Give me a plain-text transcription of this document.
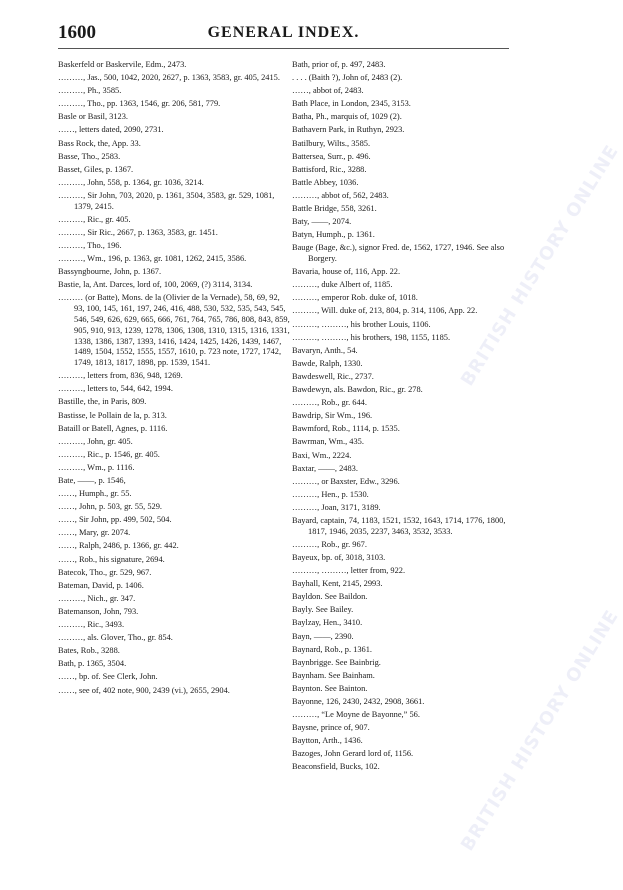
1600	GENERAL INDEX.

Baskerfeld or Baskervile, Edm., 2473.

………, Jas., 500, 1042, 2020, 2627, p. 1363, 3583, gr. 405, 2415.

………, Ph., 3585.

………, Tho., pp. 1363, 1546, gr. 206, 581, 779.

Basle or Basil, 3123.

……, letters dated, 2090, 2731.

Bass Rock, the, App. 33.

Basse, Tho., 2583.

Basset, Giles, p. 1367.

………, John, 558, p. 1364, gr. 1036, 3214.

………, Sir John, 703, 2020, p. 1361, 3504, 3583, gr. 529, 1081, 1379, 2415.

………, Ric., gr. 405.

………, Sir Ric., 2667, p. 1363, 3583, gr. 1451.

………, Tho., 196.

………, Wm., 196, p. 1363, gr. 1081, 1262, 2415, 3586.

Bassyngbourne, John, p. 1367.

Bastie, la, Ant. Darces, lord of, 100, 2069, (?) 3114, 3134.

……… (or Batte), Mons. de la (Olivier de la Vernade), 58, 69, 92, 93, 100, 145, 161, 197, 246, 416, 488, 530, 532, 535, 543, 545, 546, 549, 626, 629, 665, 666, 761, 764, 765, 786, 808, 843, 859, 905, 910, 913, 1239, 1278, 1306, 1308, 1310, 1315, 1316, 1331, 1338, 1386, 1387, 1393, 1416, 1424, 1425, 1426, 1439, 1467, 1489, 1504, 1552, 1555, 1557, 1610, p. 723 note, 1727, 1742, 1749, 1813, 1817, 1898, pp. 1539, 1541.

………, letters from, 836, 948, 1269.

………, letters to, 544, 642, 1994.

Bastille, the, in Paris, 809.

Bastisse, le Pollain de la, p. 313.

Bataill or Batell, Agnes, p. 1116.

………, John, gr. 405.

………, Ric., p. 1546, gr. 405.

………, Wm., p. 1116.

Bate, ——, p. 1546,

……, Humph., gr. 55.

……, John, p. 503, gr. 55, 529.

……, Sir John, pp. 499, 502, 504.

……, Mary, gr. 2074.

……, Ralph, 2486, p. 1366, gr. 442.

……, Rob., his signature, 2694.

Batecok, Tho., gr. 529, 967.

Bateman, David, p. 1406.

………, Nich., gr. 347.

Batemanson, John, 793.

………, Ric., 3493.

………, als. Glover, Tho., gr. 854.

Bates, Rob., 3288.

Bath, p. 1365, 3504.

……, bp. of. See Clerk, John.

……, see of, 402 note, 900, 2439 (vi.), 2655, 2904.

Bath, prior of, p. 497, 2483.

. . . . (Baith ?), John of, 2483 (2).

……, abbot of, 2483.

Bath Place, in London, 2345, 3153.

Batha, Ph., marquis of, 1029 (2).

Bathavern Park, in Ruthyn, 2923.

Batilbury, Wilts., 3585.

Battersea, Surr., p. 496.

Battisford, Ric., 3288.

Battle Abbey, 1036.

………, abbot of, 562, 2483.

Battle Bridge, 558, 3261.

Baty, ——, 2074.

Batyn, Humph., p. 1361.

Bauge (Bage, &c.), signor Fred. de, 1562, 1727, 1946. See also Borgery.

Bavaria, house of, 116, App. 22.

………, duke Albert of, 1185.

………, emperor Rob. duke of, 1018.

………, Will. duke of, 213, 804, p. 314, 1106, App. 22.

………, ………, his brother Louis, 1106.

………, ………, his brothers, 198, 1155, 1185.

Bavaryn, Anth., 54.

Bawde, Ralph, 1330.

Bawdeswell, Ric., 2737.

Bawdewyn, als. Bawdon, Ric., gr. 278.

………, Rob., gr. 644.

Bawdrip, Sir Wm., 196.

Bawmford, Rob., 1114, p. 1535.

Bawrman, Wm., 435.

Baxi, Wm., 2224.

Baxtar, ——, 2483.

………, or Baxster, Edw., 3296.

………, Hen., p. 1530.

………, Joan, 3171, 3189.

Bayard, captain, 74, 1183, 1521, 1532, 1643, 1714, 1776, 1800, 1817, 1946, 2035, 2237, 3463, 3532, 3533.

………, Rob., gr. 967.

Bayeux, bp. of, 3018, 3103.

………, ………, letter from, 922.

Bayhall, Kent, 2145, 2993.

Bayldon. See Baildon.

Bayly. See Bailey.

Baylzay, Hen., 3410.

Bayn, ——, 2390.

Baynard, Rob., p. 1361.

Baynbrigge. See Bainbrig.

Baynham. See Bainham.

Baynton. See Bainton.

Bayonne, 126, 2430, 2432, 2908, 3661.

………, “Le Moyne de Bayonne,” 56.

Baysne, prince of, 907.

Baytton, Arth., 1436.

Bazoges, John Gerard lord of, 1156.

Beaconsfield, Bucks, 102.

BRITISH HISTORY ONLINE
BRITISH HISTORY ONLINE
